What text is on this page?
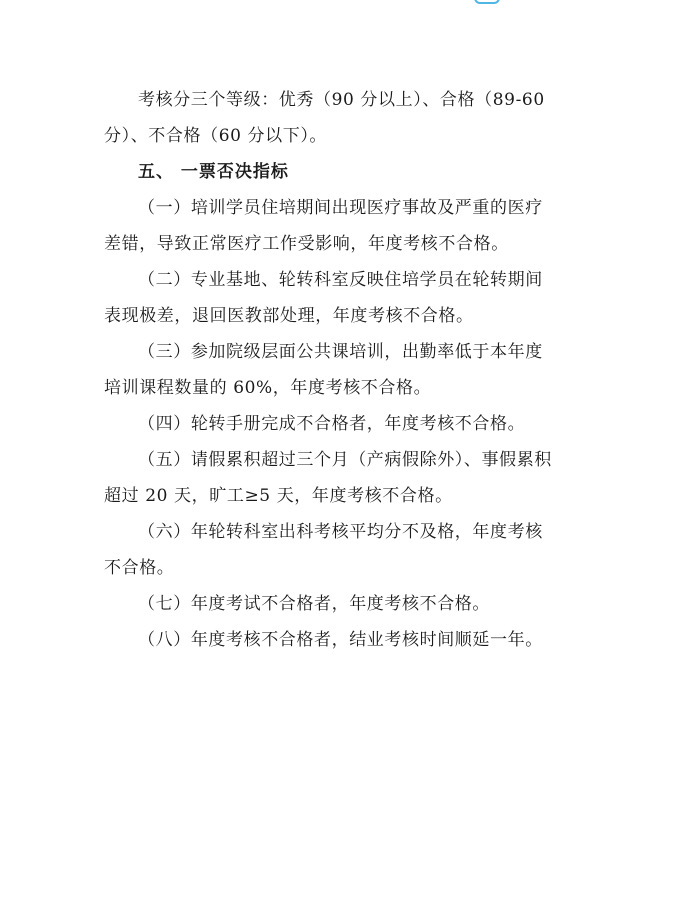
考核分三个等级：优秀（90 分以上）、合格（89-60 分）、不合格（60 分以下）。

五、 一票否决指标

（一）培训学员住培期间出现医疗事故及严重的医疗差错，导致正常医疗工作受影响，年度考核不合格。

（二）专业基地、轮转科室反映住培学员在轮转期间表现极差，退回医教部处理，年度考核不合格。

（三）参加院级层面公共课培训，出勤率低于本年度培训课程数量的 60%，年度考核不合格。

（四）轮转手册完成不合格者，年度考核不合格。

（五）请假累积超过三个月（产病假除外）、事假累积超过 20 天，旷工≥5 天，年度考核不合格。

（六）年轮转科室出科考核平均分不及格，年度考核不合格。

（七）年度考试不合格者，年度考核不合格。

（八）年度考核不合格者，结业考核时间顺延一年。
